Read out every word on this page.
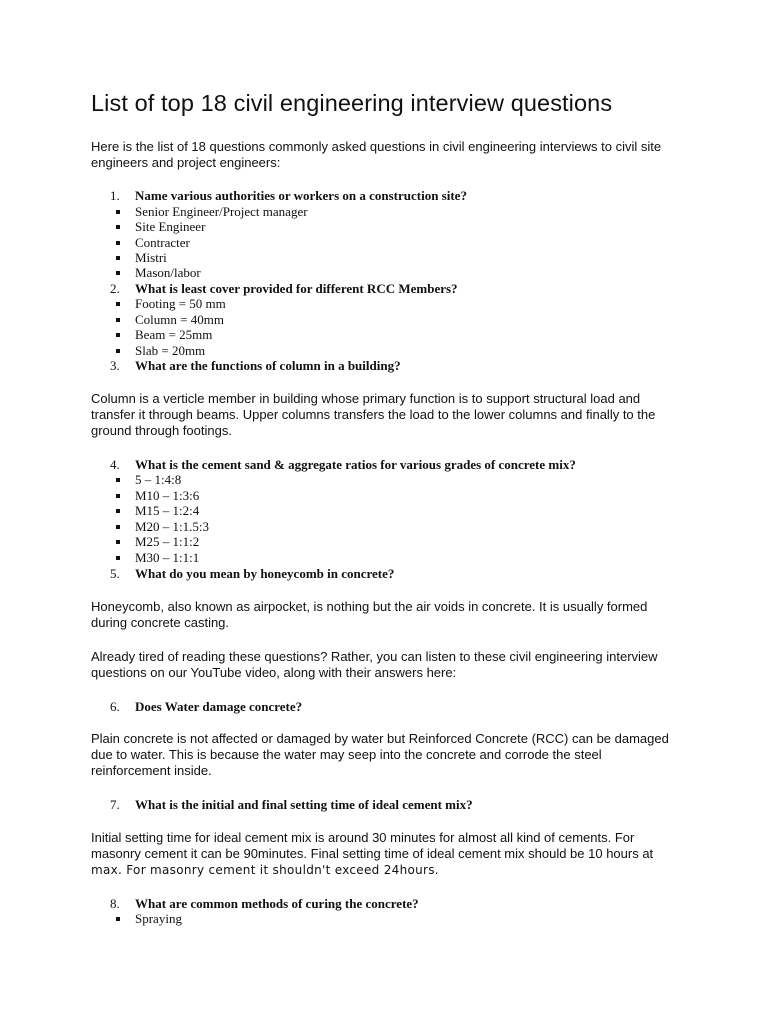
List of top 18 civil engineering interview questions

Here is the list of 18 questions commonly asked questions in civil engineering interviews to civil site
engineers and project engineers:

1.	Name various authorities or workers on a construction site?
Senior Engineer/Project manager
Site Engineer
Contracter
Mistri
Mason/labor
2.	What is least cover provided for different RCC Members?
Footing = 50 mm
Column = 40mm
Beam = 25mm
Slab = 20mm
3.	What are the functions of column in a building?

Column is a verticle member in building whose primary function is to support structural load and
transfer it through beams. Upper columns transfers the load to the lower columns and finally to the
ground through footings.

4.	What is the cement sand & aggregate ratios for various grades of concrete mix?
5 – 1:4:8
M10 – 1:3:6
M15 – 1:2:4
M20 – 1:1.5:3
M25 – 1:1:2
M30 – 1:1:1
5.	What do you mean by honeycomb in concrete?

Honeycomb, also known as airpocket, is nothing but the air voids in concrete. It is usually formed
during concrete casting.

Already tired of reading these questions? Rather, you can listen to these civil engineering interview
questions on our YouTube video, along with their answers here:

6.	Does Water damage concrete?

Plain concrete is not affected or damaged by water but Reinforced Concrete (RCC) can be damaged
due to water. This is because the water may seep into the concrete and corrode the steel
reinforcement inside.

7.	What is the initial and final setting time of ideal cement mix?

Initial setting time for ideal cement mix is around 30 minutes for almost all kind of cements. For
masonry cement it can be 90minutes. Final setting time of ideal cement mix should be 10 hours at
max. For masonry cement it shouldn't exceed 24hours.

8.	What are common methods of curing the concrete?
Spraying
